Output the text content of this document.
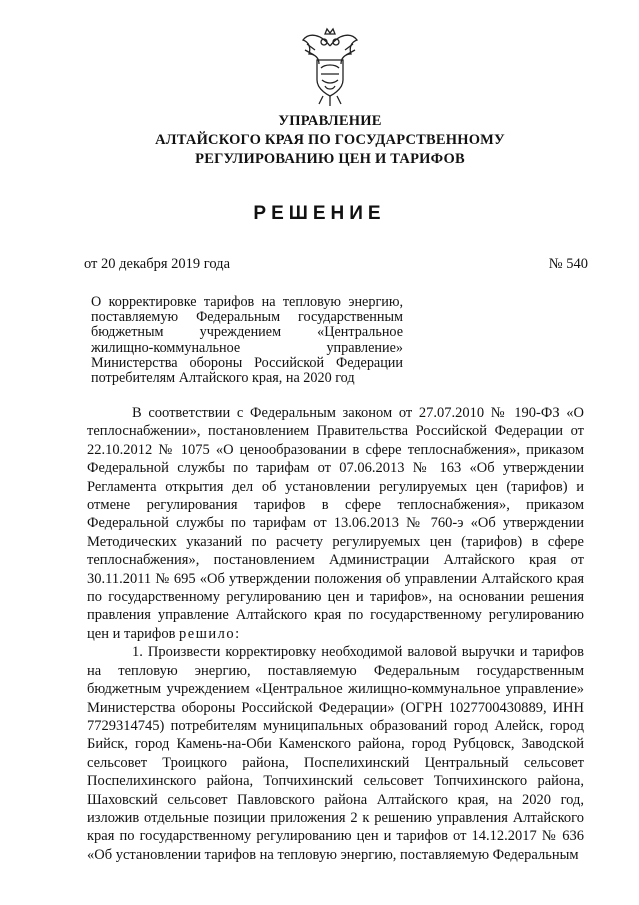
УПРАВЛЕНИЕ
АЛТАЙСКОГО КРАЯ ПО ГОСУДАРСТВЕННОМУ
РЕГУЛИРОВАНИЮ ЦЕН И ТАРИФОВ
РЕШЕНИЕ
от 20 декабря 2019 года	№ 540
О корректировке тарифов на тепловую энергию, поставляемую Федеральным государственным бюджетным учреждением «Центральное жилищно-коммунальное управление» Министерства обороны Российской Федерации потребителям Алтайского края, на 2020 год

В соответствии с Федеральным законом от 27.07.2010 № 190-ФЗ «О теплоснабжении», постановлением Правительства Российской Федерации от 22.10.2012 № 1075 «О ценообразовании в сфере теплоснабжения», приказом Федеральной службы по тарифам от 07.06.2013 № 163 «Об утверждении Регламента открытия дел об установлении регулируемых цен (тарифов) и отмене регулирования тарифов в сфере теплоснабжения», приказом Федеральной службы по тарифам от 13.06.2013 № 760-э «Об утверждении Методических указаний по расчету регулируемых цен (тарифов) в сфере теплоснабжения», постановлением Администрации Алтайского края от 30.11.2011 № 695 «Об утверждении положения об управлении Алтайского края по государственному регулированию цен и тарифов», на основании решения правления управление Алтайского края по государственному регулированию цен и тарифов решило:

1. Произвести корректировку необходимой валовой выручки и тарифов на тепловую энергию, поставляемую Федеральным государственным бюджетным учреждением «Центральное жилищно-коммунальное управление» Министерства обороны Российской Федерации» (ОГРН 1027700430889, ИНН 7729314745) потребителям муниципальных образований город Алейск, город Бийск, город Камень-на-Оби Каменского района, город Рубцовск, Заводской сельсовет Троицкого района, Поспелихинский Центральный сельсовет Поспелихинского района, Топчихинский сельсовет Топчихинского района, Шаховский сельсовет Павловского района Алтайского края, на 2020 год, изложив отдельные позиции приложения 2 к решению управления Алтайского края по государственному регулированию цен и тарифов от 14.12.2017 № 636 «Об установлении тарифов на тепловую энергию, поставляемую Федеральным
